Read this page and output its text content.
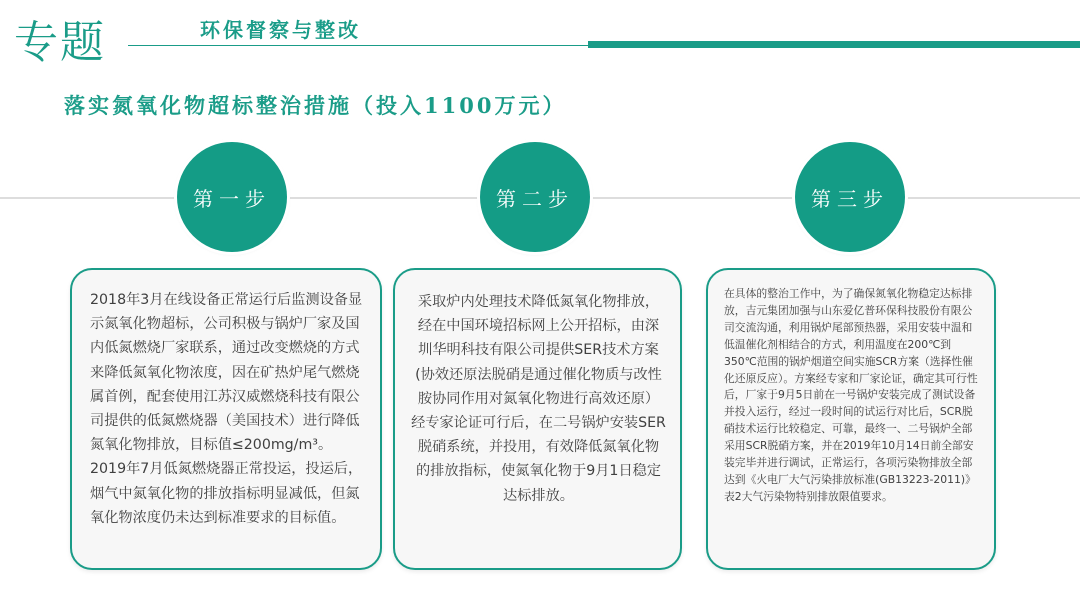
专题	环保督察与整改
落实氮氧化物超标整治措施（投入1100万元）
第一步	第二步	第三步

2018年3月在线设备正常运行后监测设备显示氮氧化物超标，公司积极与锅炉厂家及国内低氮燃烧厂家联系，通过改变燃烧的方式来降低氮氧化物浓度，因在矿热炉尾气燃烧属首例，配套使用江苏汉威燃烧科技有限公司提供的低氮燃烧器（美国技术）进行降低氮氧化物排放，目标值≤200mg/m³。2019年7月低氮燃烧器正常投运，投运后，烟气中氮氧化物的排放指标明显减低，但氮氧化物浓度仍未达到标准要求的目标值。

采取炉内处理技术降低氮氧化物排放，经在中国环境招标网上公开招标，由深圳华明科技有限公司提供SER技术方案(协效还原法脱硝是通过催化物质与改性胺协同作用对氮氧化物进行高效还原）经专家论证可行后，在二号锅炉安装SER脱硝系统，并投用，有效降低氮氧化物的排放指标，使氮氧化物于9月1日稳定达标排放。

在具体的整治工作中，为了确保氮氧化物稳定达标排放，吉元集团加强与山东爱亿普环保科技股份有限公司交流沟通，利用锅炉尾部预热器，采用安装中温和低温催化剂相结合的方式，利用温度在200℃到350℃范围的锅炉烟道空间实施SCR方案（选择性催化还原反应）。方案经专家和厂家论证，确定其可行性后，厂家于9月5日前在一号锅炉安装完成了测试设备并投入运行，经过一段时间的试运行对比后，SCR脱硝技术运行比较稳定、可靠，最终一、二号锅炉全部采用SCR脱硝方案，并在2019年10月14日前全部安装完毕并进行调试，正常运行，各项污染物排放全部达到《火电厂大气污染排放标准(GB13223-2011)》表2大气污染物特别排放限值要求。
